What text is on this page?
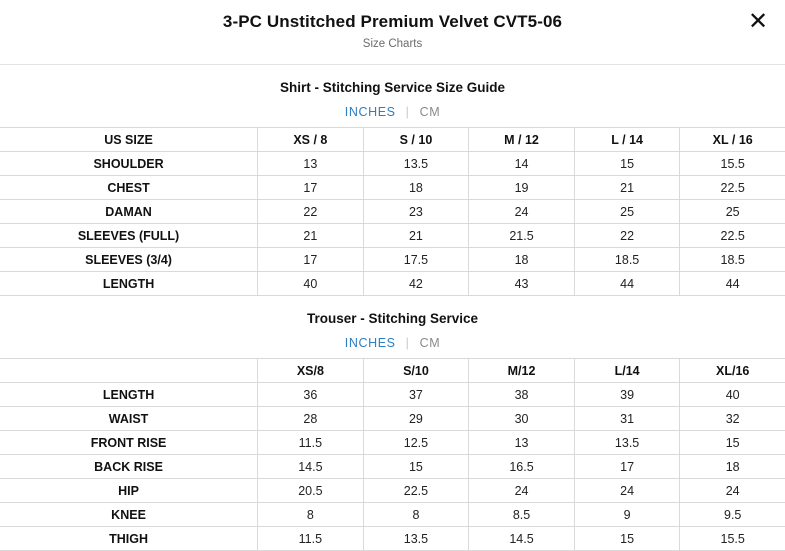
3-PC Unstitched Premium Velvet CVT5-06
Size Charts
✕
Shirt - Stitching Service Size Guide
INCHES | CM
US SIZE	XS / 8	S / 10	M / 12	L / 14	XL / 16
SHOULDER	13	13.5	14	15	15.5
CHEST	17	18	19	21	22.5
DAMAN	22	23	24	25	25
SLEEVES (FULL)	21	21	21.5	22	22.5
SLEEVES (3/4)	17	17.5	18	18.5	18.5
LENGTH	40	42	43	44	44
Trouser - Stitching Service
INCHES | CM
	XS/8	S/10	M/12	L/14	XL/16
LENGTH	36	37	38	39	40
WAIST	28	29	30	31	32
FRONT RISE	11.5	12.5	13	13.5	15
BACK RISE	14.5	15	16.5	17	18
HIP	20.5	22.5	24	24	24
KNEE	8	8	8.5	9	9.5
THIGH	11.5	13.5	14.5	15	15.5
